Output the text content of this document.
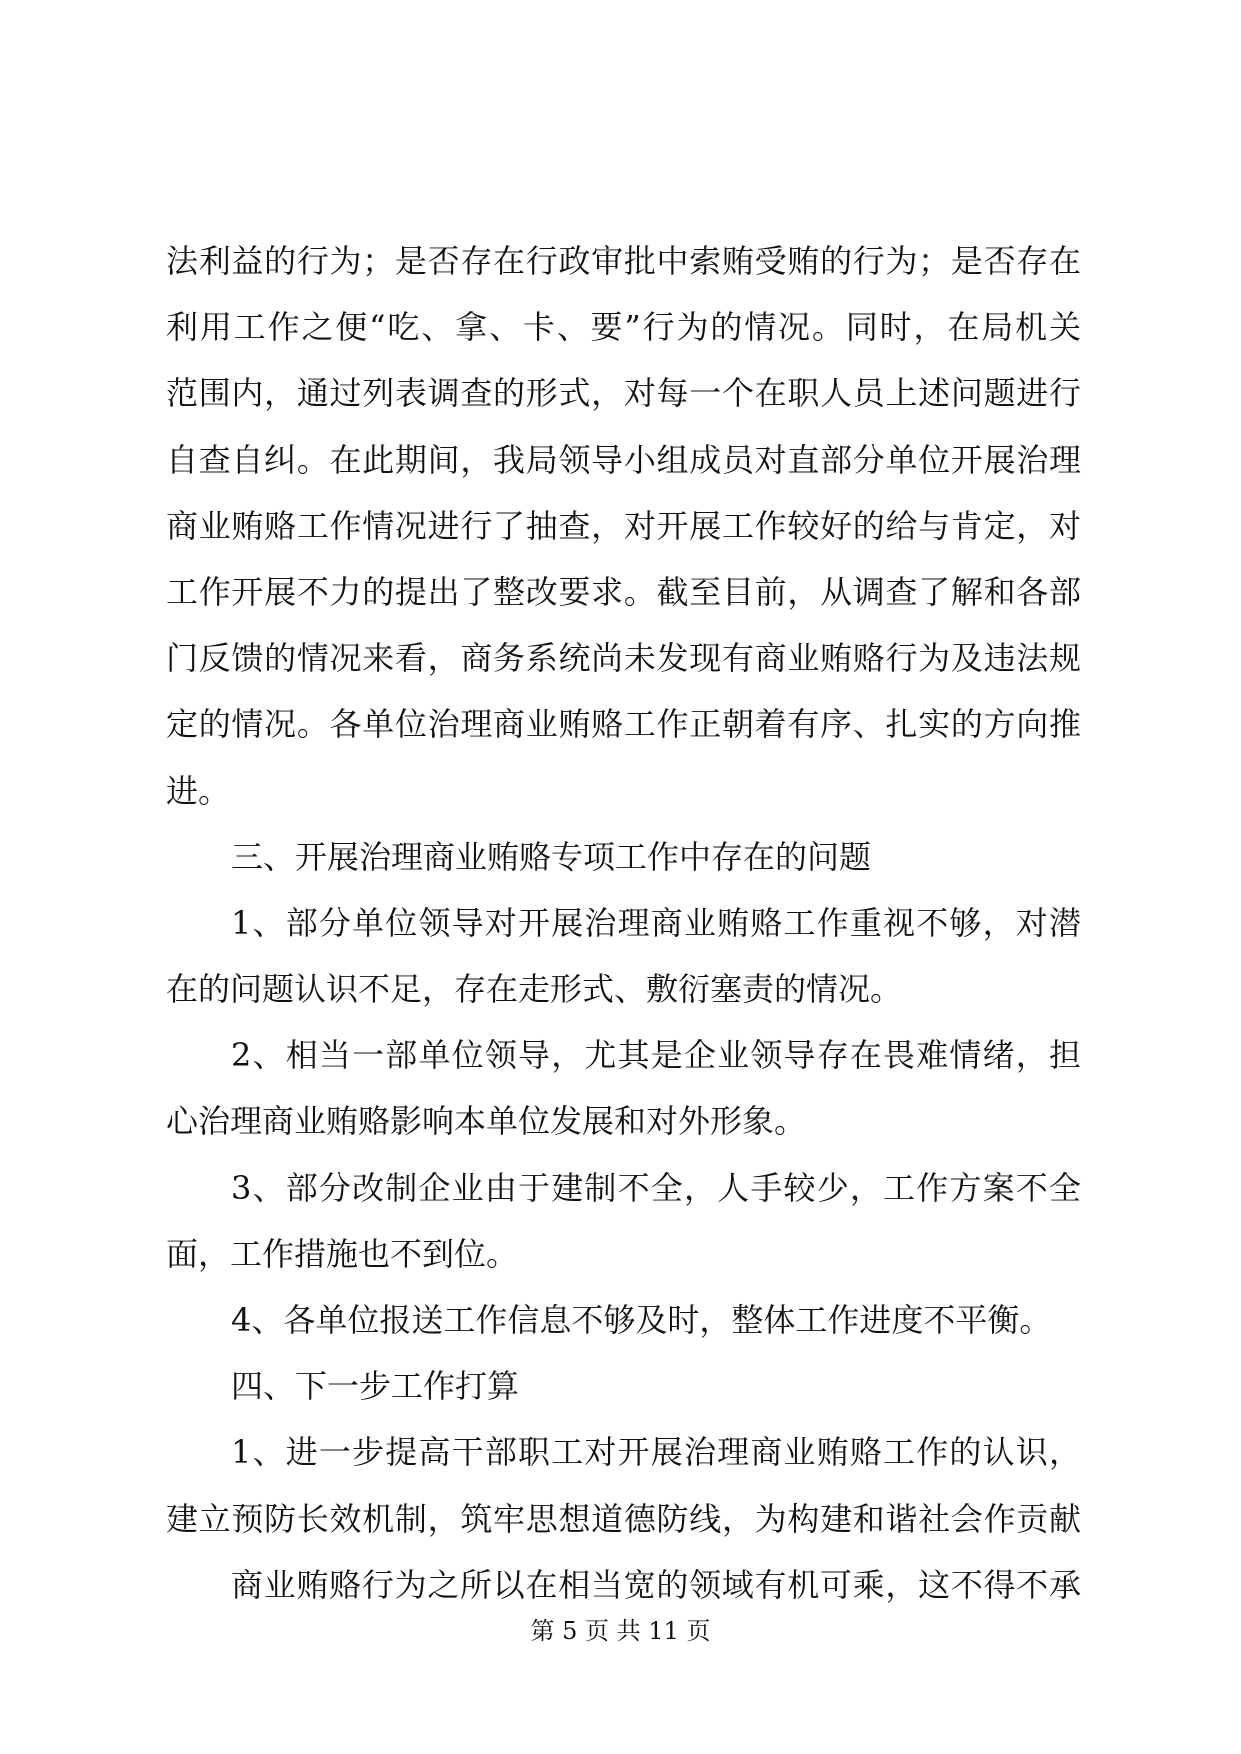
法利益的行为；是否存在行政审批中索贿受贿的行为；是否存在
利用工作之便“吃、拿、卡、要”行为的情况。同时，在局机关
范围内，通过列表调查的形式，对每一个在职人员上述问题进行
自查自纠。在此期间，我局领导小组成员对直部分单位开展治理
商业贿赂工作情况进行了抽查，对开展工作较好的给与肯定，对
工作开展不力的提出了整改要求。截至目前，从调查了解和各部
门反馈的情况来看，商务系统尚未发现有商业贿赂行为及违法规
定的情况。各单位治理商业贿赂工作正朝着有序、扎实的方向推
进。
三、开展治理商业贿赂专项工作中存在的问题
1、部分单位领导对开展治理商业贿赂工作重视不够，对潜
在的问题认识不足，存在走形式、敷衍塞责的情况。
2、相当一部单位领导，尤其是企业领导存在畏难情绪，担
心治理商业贿赂影响本单位发展和对外形象。
3、部分改制企业由于建制不全，人手较少，工作方案不全
面，工作措施也不到位。
4、各单位报送工作信息不够及时，整体工作进度不平衡。
四、下一步工作打算
1、进一步提高干部职工对开展治理商业贿赂工作的认识，
建立预防长效机制，筑牢思想道德防线，为构建和谐社会作贡献
商业贿赂行为之所以在相当宽的领域有机可乘，这不得不承
第 5 页 共 11 页
